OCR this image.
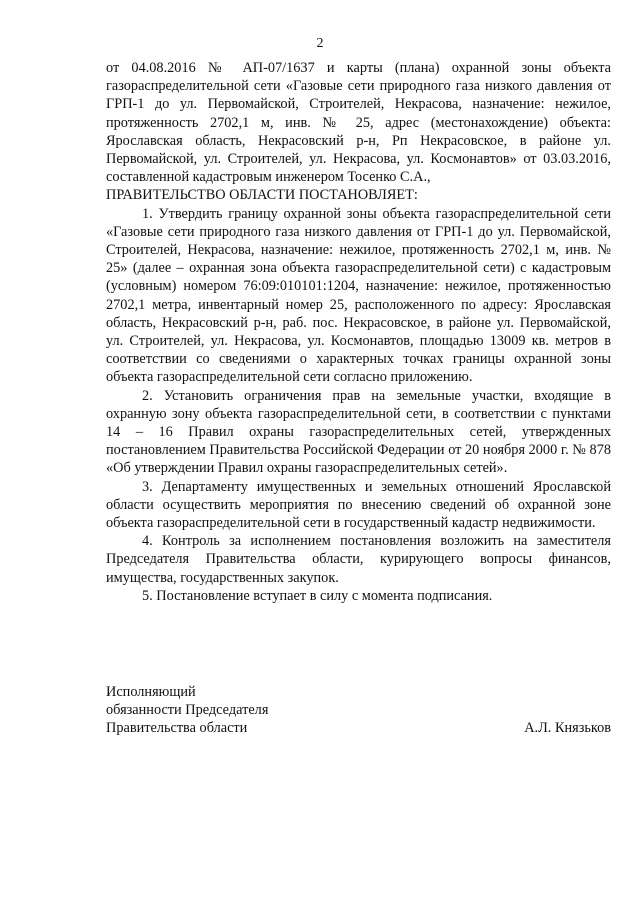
2

от 04.08.2016 № АП-07/1637 и карты (плана) охранной зоны объекта газораспределительной сети «Газовые сети природного газа низкого давления от ГРП-1 до ул. Первомайской, Строителей, Некрасова, назначение: нежилое, протяженность 2702,1 м, инв. № 25, адрес (местонахождение) объекта: Ярославская область, Некрасовский р-н, Рп Некрасовское, в районе ул. Первомайской, ул. Строителей, ул. Некрасова, ул. Космонавтов» от 03.03.2016, составленной кадастровым инженером Тосенко С.А.,

ПРАВИТЕЛЬСТВО ОБЛАСТИ ПОСТАНОВЛЯЕТ:

1. Утвердить границу охранной зоны объекта газораспределительной сети «Газовые сети природного газа низкого давления от ГРП-1 до ул. Первомайской, Строителей, Некрасова, назначение: нежилое, протяженность 2702,1 м, инв. № 25» (далее – охранная зона объекта газораспределительной сети) с кадастровым (условным) номером 76:09:010101:1204, назначение: нежилое, протяженностью 2702,1 метра, инвентарный номер 25, расположенного по адресу: Ярославская область, Некрасовский р-н, раб. пос. Некрасовское, в районе ул. Первомайской, ул. Строителей, ул. Некрасова, ул. Космонавтов, площадью 13009 кв. метров в соответствии со сведениями о характерных точках границы охранной зоны объекта газораспределительной сети согласно приложению.

2. Установить ограничения прав на земельные участки, входящие в охранную зону объекта газораспределительной сети, в соответствии с пунктами 14 – 16 Правил охраны газораспределительных сетей, утвержденных постановлением Правительства Российской Федерации от 20 ноября 2000 г. № 878 «Об утверждении Правил охраны газораспределительных сетей».

3. Департаменту имущественных и земельных отношений Ярославской области осуществить мероприятия по внесению сведений об охранной зоне объекта газораспределительной сети в государственный кадастр недвижимости.

4. Контроль за исполнением постановления возложить на заместителя Председателя Правительства области, курирующего вопросы финансов, имущества, государственных закупок.

5. Постановление вступает в силу с момента подписания.

Исполняющий
обязанности Председателя
Правительства области	А.Л. Князьков
